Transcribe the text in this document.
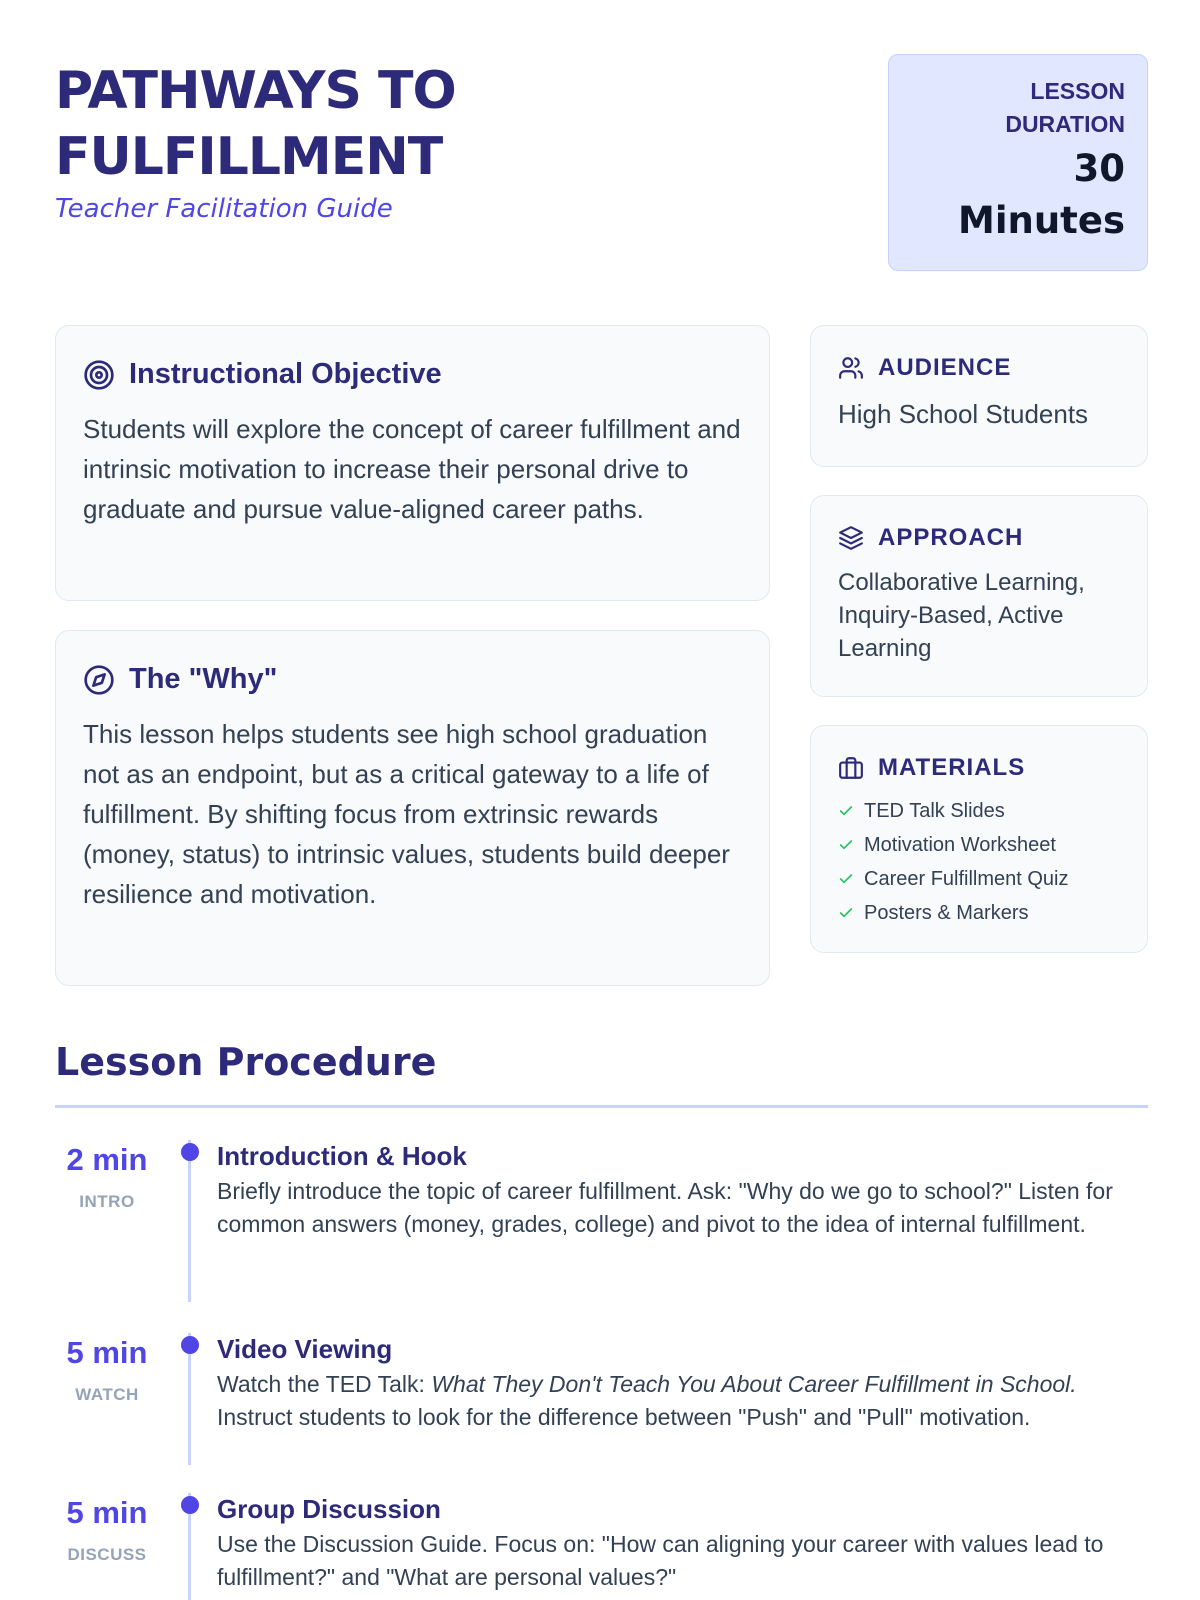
PATHWAYS TO
FULFILLMENT
Teacher Facilitation Guide
LESSON
DURATION
30
Minutes
Instructional Objective
Students will explore the concept of career fulfillment and intrinsic motivation to increase their personal drive to graduate and pursue value-aligned career paths.
The "Why"
This lesson helps students see high school graduation not as an endpoint, but as a critical gateway to a life of fulfillment. By shifting focus from extrinsic rewards (money, status) to intrinsic values, students build deeper resilience and motivation.
AUDIENCE
High School Students
APPROACH
Collaborative Learning, Inquiry-Based, Active Learning
MATERIALS
TED Talk Slides
Motivation Worksheet
Career Fulfillment Quiz
Posters & Markers
Lesson Procedure
2 min
INTRO
Introduction & Hook
Briefly introduce the topic of career fulfillment. Ask: "Why do we go to school?" Listen for common answers (money, grades, college) and pivot to the idea of internal fulfillment.
5 min
WATCH
Video Viewing
Watch the TED Talk: What They Don't Teach You About Career Fulfillment in School. Instruct students to look for the difference between "Push" and "Pull" motivation.
5 min
DISCUSS
Group Discussion
Use the Discussion Guide. Focus on: "How can aligning your career with values lead to fulfillment?" and "What are personal values?"
